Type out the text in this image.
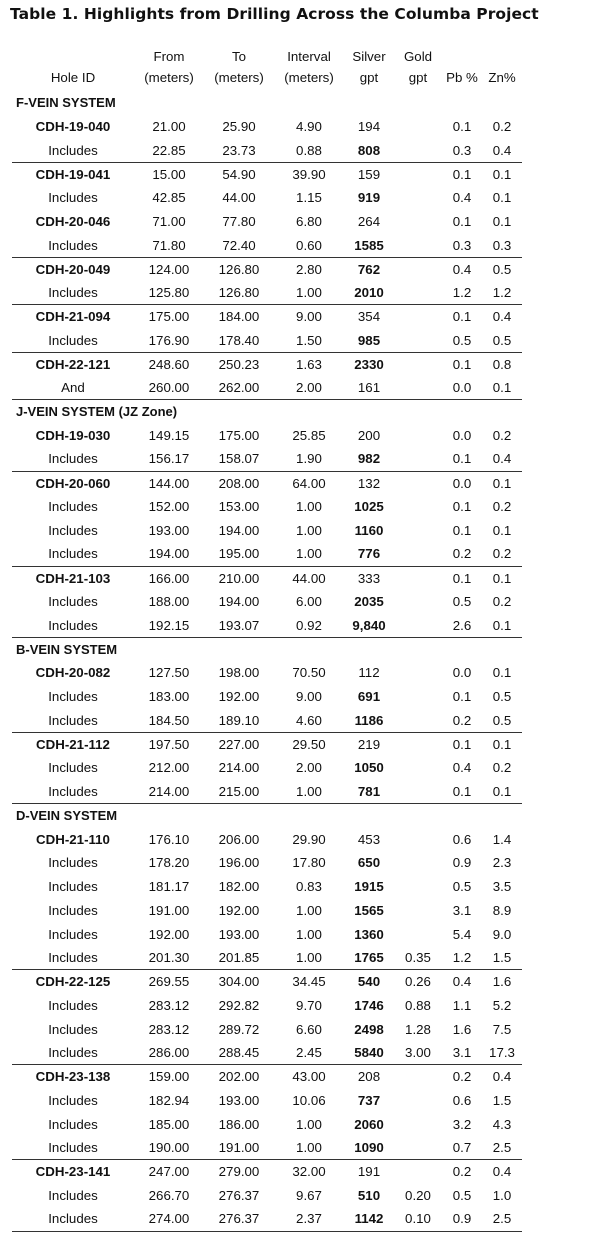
Table 1. Highlights from Drilling Across the Columba Project
	From	To	Interval	Silver	Gold		
Hole ID	(meters)	(meters)	(meters)	gpt	gpt	Pb %	Zn%
F-VEIN SYSTEM							
CDH-19-040	21.00	25.90	4.90	194		0.1	0.2
Includes	22.85	23.73	0.88	808		0.3	0.4
CDH-19-041	15.00	54.90	39.90	159		0.1	0.1
Includes	42.85	44.00	1.15	919		0.4	0.1
CDH-20-046	71.00	77.80	6.80	264		0.1	0.1
Includes	71.80	72.40	0.60	1585		0.3	0.3
CDH-20-049	124.00	126.80	2.80	762		0.4	0.5
Includes	125.80	126.80	1.00	2010		1.2	1.2
CDH-21-094	175.00	184.00	9.00	354		0.1	0.4
Includes	176.90	178.40	1.50	985		0.5	0.5
CDH-22-121	248.60	250.23	1.63	2330		0.1	0.8
And	260.00	262.00	2.00	161		0.0	0.1
J-VEIN SYSTEM (JZ Zone)							
CDH-19-030	149.15	175.00	25.85	200		0.0	0.2
Includes	156.17	158.07	1.90	982		0.1	0.4
CDH-20-060	144.00	208.00	64.00	132		0.0	0.1
Includes	152.00	153.00	1.00	1025		0.1	0.2
Includes	193.00	194.00	1.00	1160		0.1	0.1
Includes	194.00	195.00	1.00	776		0.2	0.2
CDH-21-103	166.00	210.00	44.00	333		0.1	0.1
Includes	188.00	194.00	6.00	2035		0.5	0.2
Includes	192.15	193.07	0.92	9,840		2.6	0.1
B-VEIN SYSTEM							
CDH-20-082	127.50	198.00	70.50	112		0.0	0.1
Includes	183.00	192.00	9.00	691		0.1	0.5
Includes	184.50	189.10	4.60	1186		0.2	0.5
CDH-21-112	197.50	227.00	29.50	219		0.1	0.1
Includes	212.00	214.00	2.00	1050		0.4	0.2
Includes	214.00	215.00	1.00	781		0.1	0.1
D-VEIN SYSTEM							
CDH-21-110	176.10	206.00	29.90	453		0.6	1.4
Includes	178.20	196.00	17.80	650		0.9	2.3
Includes	181.17	182.00	0.83	1915		0.5	3.5
Includes	191.00	192.00	1.00	1565		3.1	8.9
Includes	192.00	193.00	1.00	1360		5.4	9.0
Includes	201.30	201.85	1.00	1765	0.35	1.2	1.5
CDH-22-125	269.55	304.00	34.45	540	0.26	0.4	1.6
Includes	283.12	292.82	9.70	1746	0.88	1.1	5.2
Includes	283.12	289.72	6.60	2498	1.28	1.6	7.5
Includes	286.00	288.45	2.45	5840	3.00	3.1	17.3
CDH-23-138	159.00	202.00	43.00	208		0.2	0.4
Includes	182.94	193.00	10.06	737		0.6	1.5
Includes	185.00	186.00	1.00	2060		3.2	4.3
Includes	190.00	191.00	1.00	1090		0.7	2.5
CDH-23-141	247.00	279.00	32.00	191		0.2	0.4
Includes	266.70	276.37	9.67	510	0.20	0.5	1.0
Includes	274.00	276.37	2.37	1142	0.10	0.9	2.5
